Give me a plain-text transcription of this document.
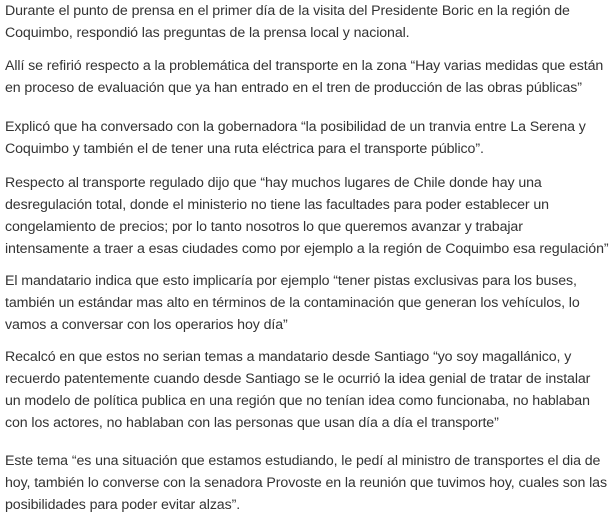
Durante el punto de prensa en el primer día de la visita del Presidente Boric en la región de Coquimbo, respondió las preguntas de la prensa local y nacional.

Allí se refirió respecto a la problemática del transporte en la zona “Hay varias medidas que están en proceso de evaluación que ya han entrado en el tren de producción de las obras públicas”

Explicó que ha conversado con la gobernadora “la posibilidad de un tranvia entre La Serena y Coquimbo y también el de tener una ruta eléctrica para el transporte público”.

Respecto al transporte regulado dijo que “hay muchos lugares de Chile donde hay una desregulación total, donde el ministerio no tiene las facultades para poder establecer un congelamiento de precios; por lo tanto nosotros lo que queremos avanzar y trabajar intensamente a traer a esas ciudades como por ejemplo a la región de Coquimbo esa regulación”

El mandatario indica que esto implicaría por ejemplo “tener pistas exclusivas para los buses, también un estándar mas alto en términos de la contaminación que generan los vehículos, lo vamos a conversar con los operarios hoy día”

Recalcó en que estos no serian temas a mandatario desde Santiago “yo soy magallánico, y recuerdo patentemente cuando desde Santiago se le ocurrió la idea genial de tratar de instalar un modelo de política publica en una región que no tenían idea como funcionaba, no hablaban con los actores, no hablaban con las personas que usan día a día el transporte”

Este tema “es una situación que estamos estudiando, le pedí al ministro de transportes el dia de hoy, también lo converse con la senadora Provoste en la reunión que tuvimos hoy, cuales son las posibilidades para poder evitar alzas”.
